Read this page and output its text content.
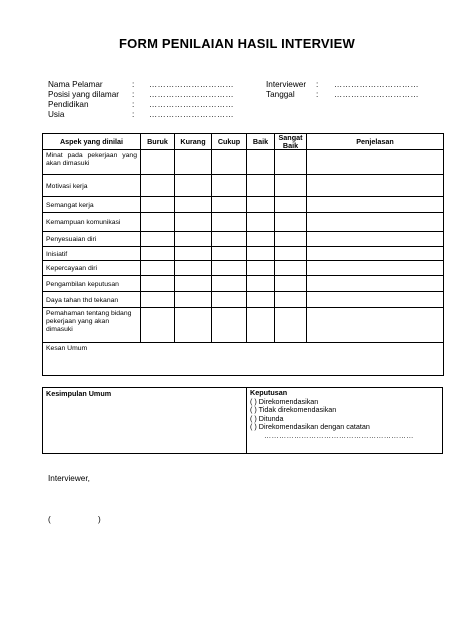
FORM PENILAIAN HASIL INTERVIEW
Nama Pelamar	: …………………………
Posisi yang dilamar : …………………………
Pendidikan	: …………………………
Usia	: …………………………
Interviewer : …………………………
Tanggal	: …………………………
Aspek yang dinilai	Buruk	Kurang	Cukup	Baik	Sangat Baik	Penjelasan
Minat pada pekerjaan yang akan dimasuki						
Motivasi kerja						
Semangat kerja						
Kemampuan komunikasi						
Penyesuaian diri						
Inisiatif						
Kepercayaan diri						
Pengambilan keputusan						
Daya tahan thd tekanan						
Pemahaman tentang bidang pekerjaan yang akan dimasuki						
Kesan Umum						
Kesimpulan Umum	Keputusan
( ) Direkomendasikan
( ) Tidak direkomendasikan
( ) Ditunda
( ) Direkomendasikan dengan catatan
……………………………………………………
Interviewer,
(	)
